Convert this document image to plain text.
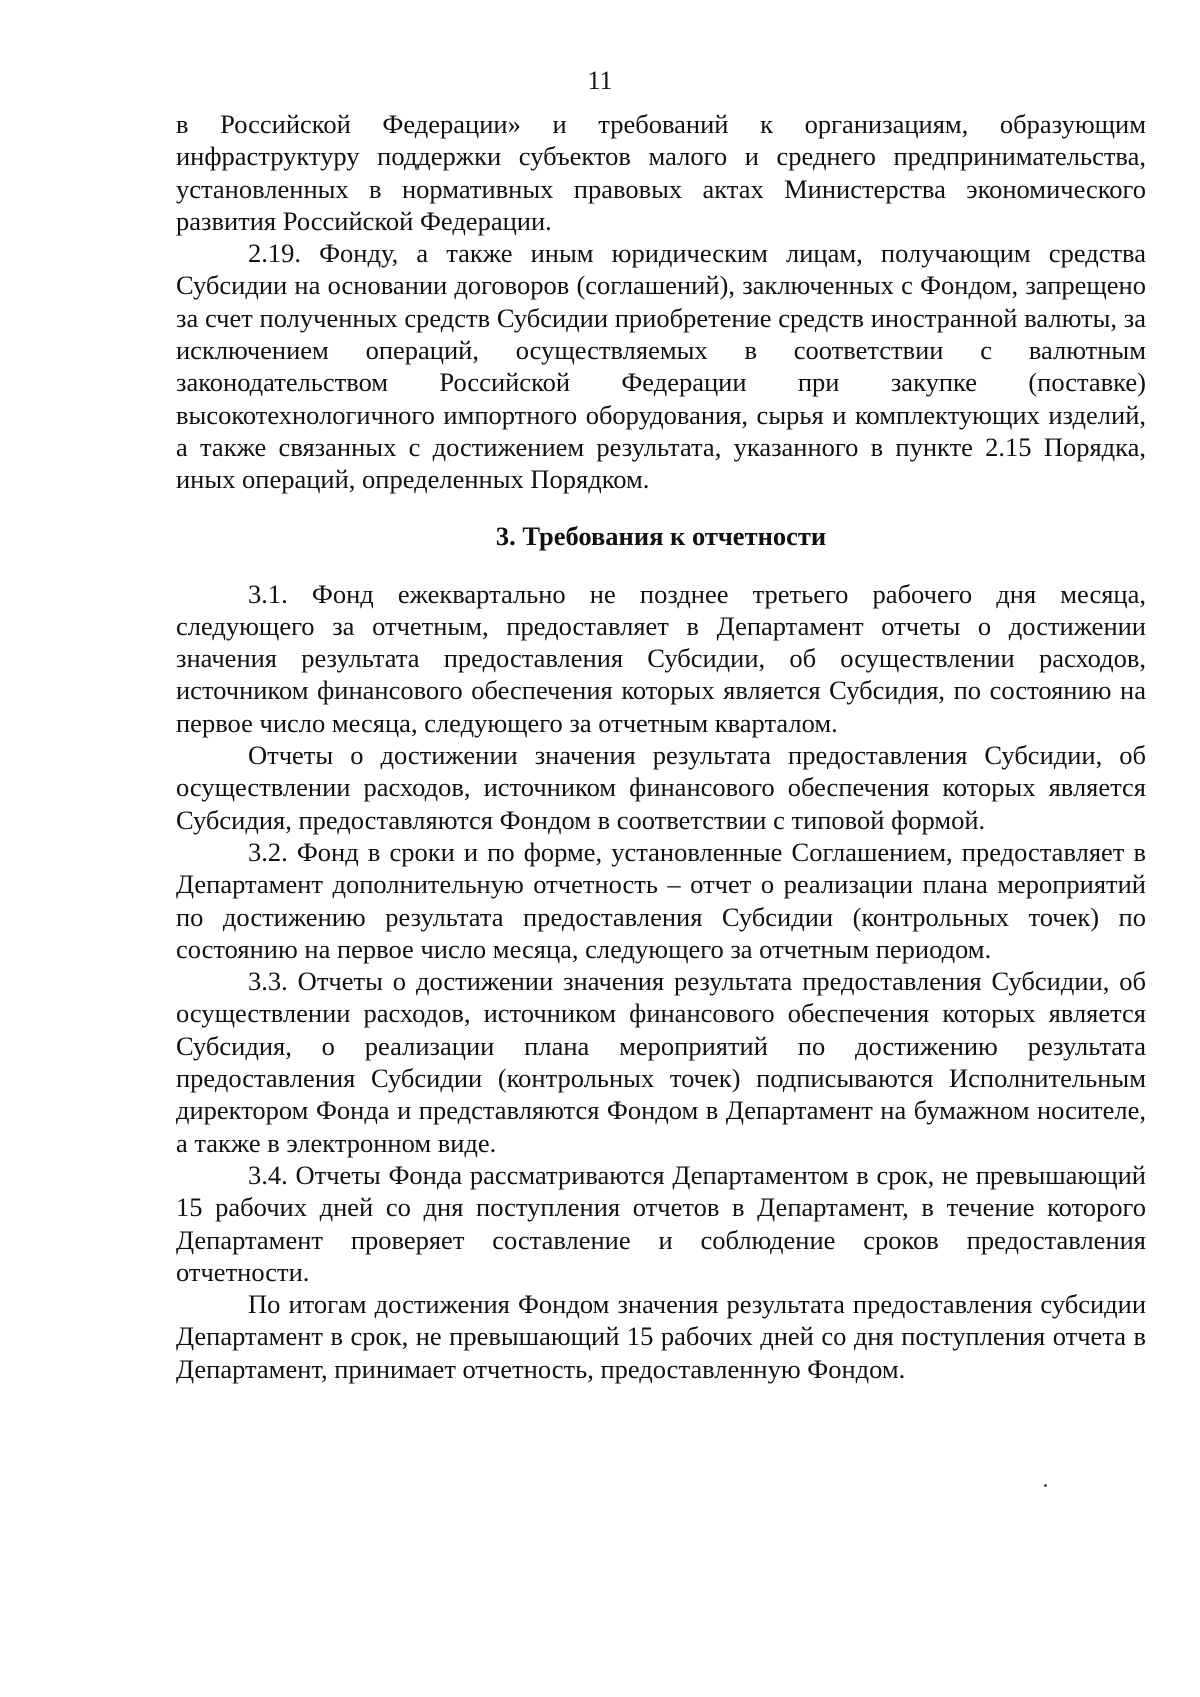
11

в Российской Федерации» и требований к организациям, образующим инфраструктуру поддержки субъектов малого и среднего предпринимательства, установленных в нормативных правовых актах Министерства экономического развития Российской Федерации.

2.19. Фонду, а также иным юридическим лицам, получающим средства Субсидии на основании договоров (соглашений), заключенных с Фондом, запрещено за счет полученных средств Субсидии приобретение средств иностранной валюты, за исключением операций, осуществляемых в соответствии с валютным законодательством Российской Федерации при закупке (поставке) высокотехнологичного импортного оборудования, сырья и комплектующих изделий, а также связанных с достижением результата, указанного в пункте 2.15 Порядка, иных операций, определенных Порядком.

3. Требования к отчетности

3.1. Фонд ежеквартально не позднее третьего рабочего дня месяца, следующего за отчетным, предоставляет в Департамент отчеты о достижении значения результата предоставления Субсидии, об осуществлении расходов, источником финансового обеспечения которых является Субсидия, по состоянию на первое число месяца, следующего за отчетным кварталом.

Отчеты о достижении значения результата предоставления Субсидии, об осуществлении расходов, источником финансового обеспечения которых является Субсидия, предоставляются Фондом в соответствии с типовой формой.

3.2. Фонд в сроки и по форме, установленные Соглашением, предоставляет в Департамент дополнительную отчетность – отчет о реализации плана мероприятий по достижению результата предоставления Субсидии (контрольных точек) по состоянию на первое число месяца, следующего за отчетным периодом.

3.3. Отчеты о достижении значения результата предоставления Субсидии, об осуществлении расходов, источником финансового обеспечения которых является Субсидия, о реализации плана мероприятий по достижению результата предоставления Субсидии (контрольных точек) подписываются Исполнительным директором Фонда и представляются Фондом в Департамент на бумажном носителе, а также в электронном виде.

3.4. Отчеты Фонда рассматриваются Департаментом в срок, не превышающий 15 рабочих дней со дня поступления отчетов в Департамент, в течение которого Департамент проверяет составление и соблюдение сроков предоставления отчетности.

По итогам достижения Фондом значения результата предоставления субсидии Департамент в срок, не превышающий 15 рабочих дней со дня поступления отчета в Департамент, принимает отчетность, предоставленную Фондом.
